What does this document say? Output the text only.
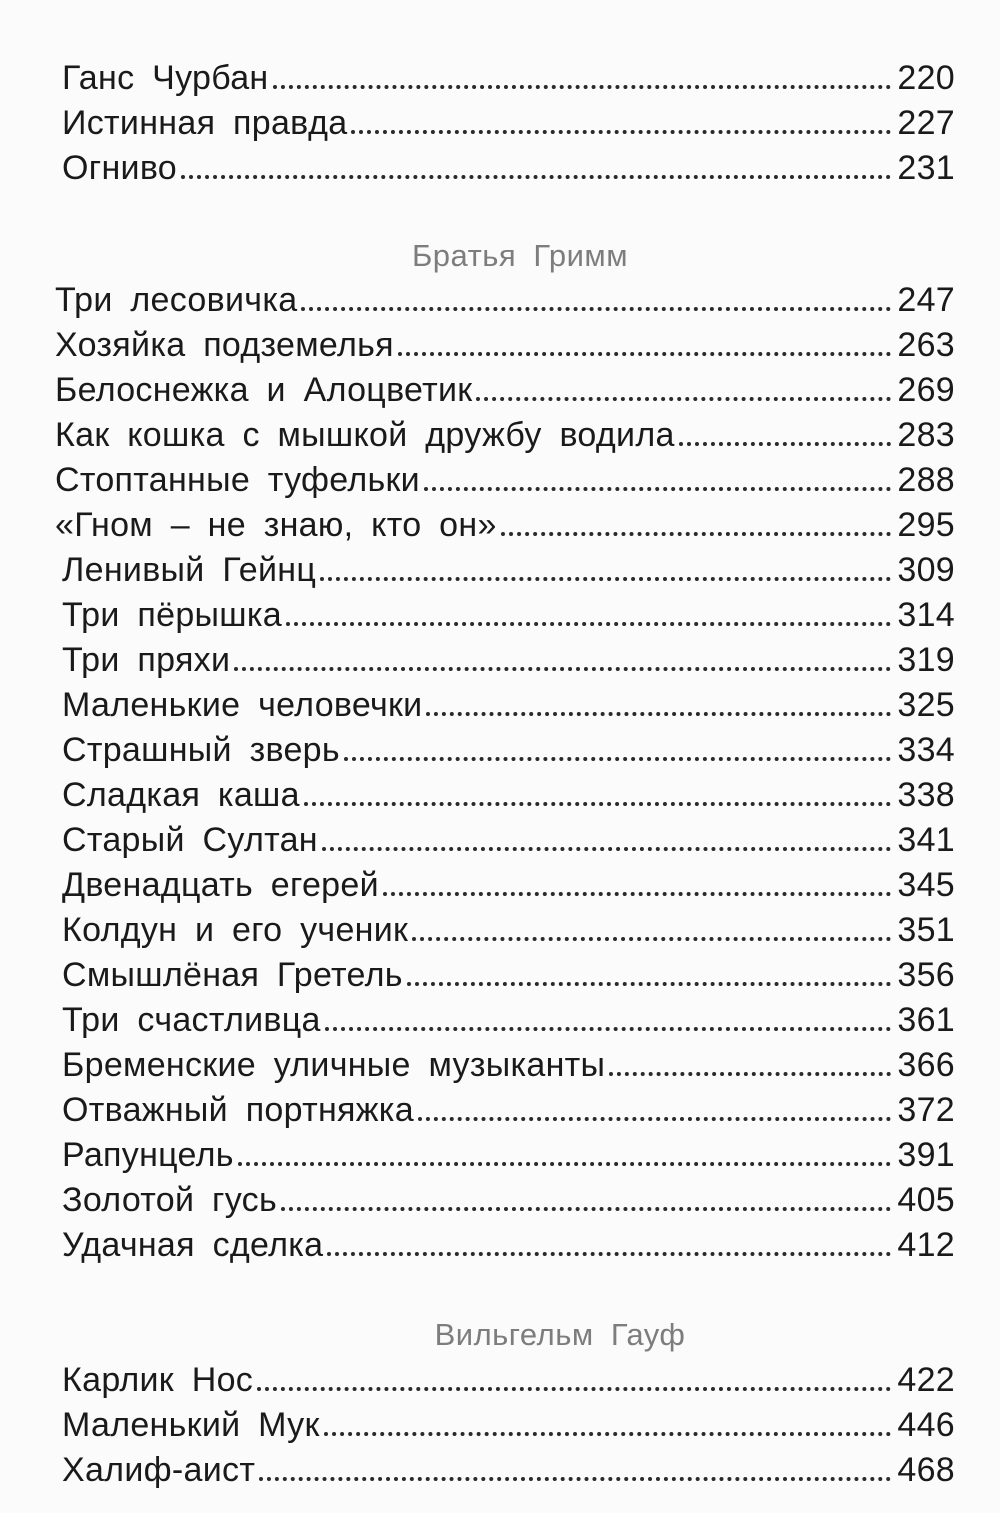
Ганс Чурбан	220
Истинная правда	227
Огниво	231
Братья Гримм
Три лесовичка	247
Хозяйка подземелья	263
Белоснежка и Алоцветик	269
Как кошка с мышкой дружбу водила	283
Стоптанные туфельки	288
«Гном – не знаю, кто он»	295
Ленивый Гейнц	309
Три пёрышка	314
Три пряхи	319
Маленькие человечки	325
Страшный зверь	334
Сладкая каша	338
Старый Султан	341
Двенадцать егерей	345
Колдун и его ученик	351
Смышлёная Гретель	356
Три счастливца	361
Бременские уличные музыканты	366
Отважный портняжка	372
Рапунцель	391
Золотой гусь	405
Удачная сделка	412
Вильгельм Гауф
Карлик Нос	422
Маленький Мук	446
Халиф-аист	468
